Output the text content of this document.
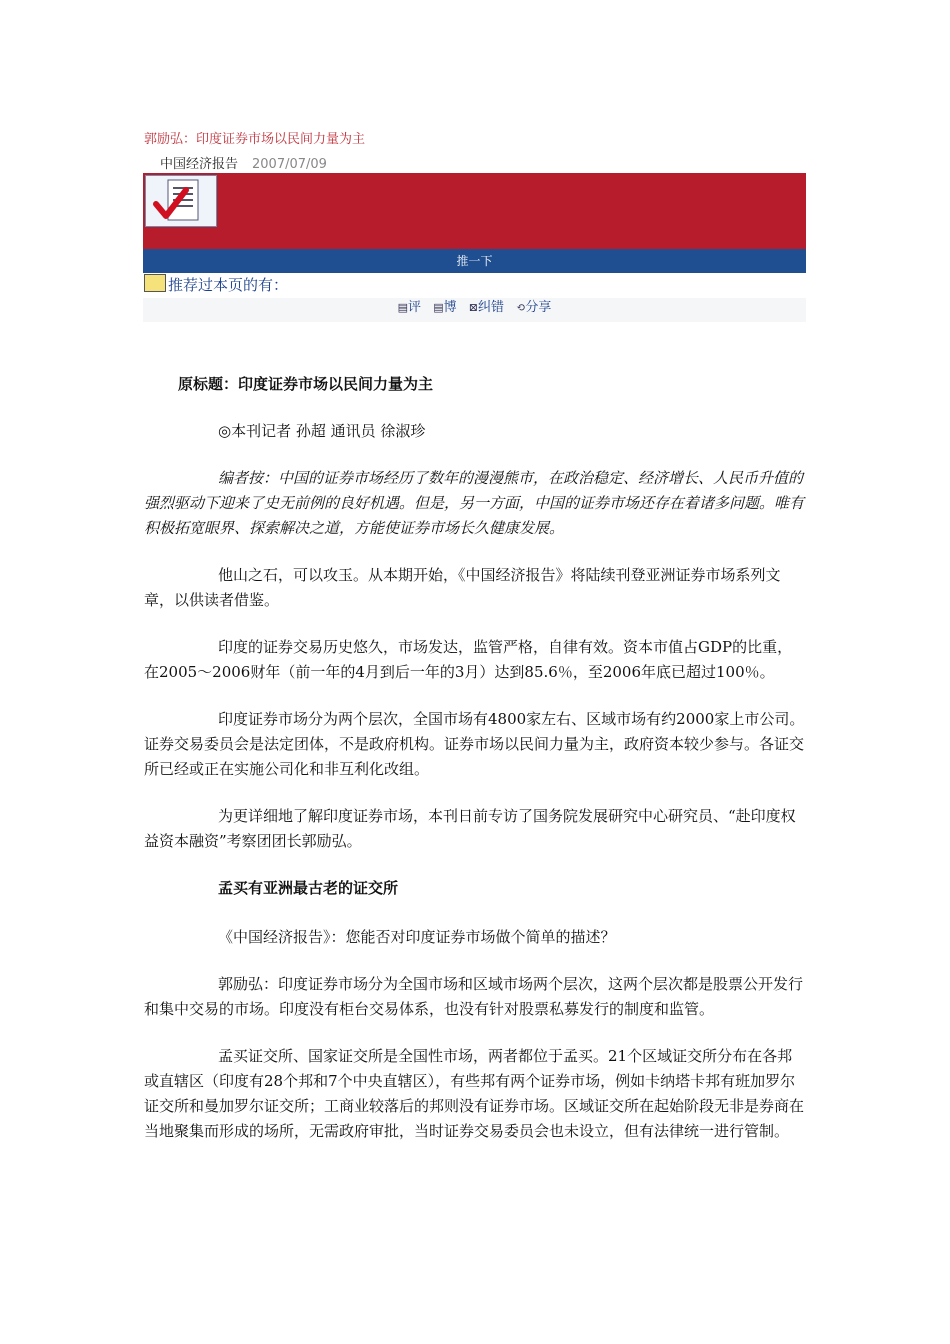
郭励弘：印度证券市场以民间力量为主
中国经济报告 2007/07/09
推一下
推荐过本页的有：
▤评 ▤博 ⊠纠错 ⟲分享

原标题：印度证券市场以民间力量为主

◎本刊记者 孙超 通讯员 徐淑珍

编者按：中国的证券市场经历了数年的漫漫熊市，在政治稳定、经济增长、人民币升值的强烈驱动下迎来了史无前例的良好机遇。但是，另一方面，中国的证券市场还存在着诸多问题。唯有积极拓宽眼界、探索解决之道，方能使证券市场长久健康发展。

他山之石，可以攻玉。从本期开始，《中国经济报告》将陆续刊登亚洲证券市场系列文章，以供读者借鉴。

印度的证券交易历史悠久，市场发达，监管严格，自律有效。资本市值占GDP的比重，在2005～2006财年（前一年的4月到后一年的3月）达到85.6％，至2006年底已超过100％。

印度证券市场分为两个层次，全国市场有4800家左右、区域市场有约2000家上市公司。证券交易委员会是法定团体，不是政府机构。证券市场以民间力量为主，政府资本较少参与。各证交所已经或正在实施公司化和非互利化改组。

为更详细地了解印度证券市场，本刊日前专访了国务院发展研究中心研究员、“赴印度权益资本融资”考察团团长郭励弘。

孟买有亚洲最古老的证交所

《中国经济报告》：您能否对印度证券市场做个简单的描述？

郭励弘：印度证券市场分为全国市场和区域市场两个层次，这两个层次都是股票公开发行和集中交易的市场。印度没有柜台交易体系，也没有针对股票私募发行的制度和监管。

孟买证交所、国家证交所是全国性市场，两者都位于孟买。21个区域证交所分布在各邦或直辖区（印度有28个邦和7个中央直辖区），有些邦有两个证券市场，例如卡纳塔卡邦有班加罗尔证交所和曼加罗尔证交所；工商业较落后的邦则没有证券市场。区域证交所在起始阶段无非是券商在当地聚集而形成的场所，无需政府审批，当时证券交易委员会也未设立，但有法律统一进行管制。
